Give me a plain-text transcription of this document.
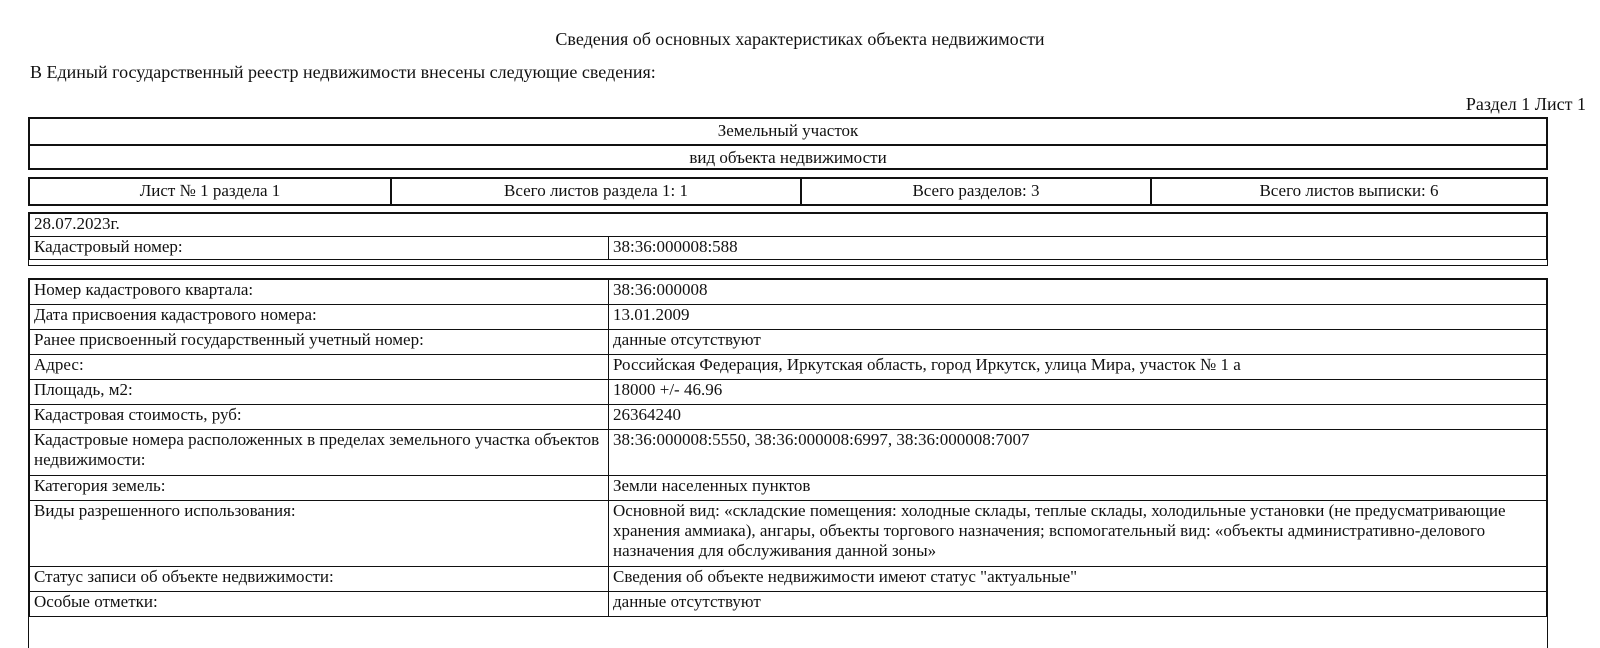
Сведения об основных характеристиках объекта недвижимости
В Единый государственный реестр недвижимости внесены следующие сведения:
Раздел 1 Лист 1
Земельный участок
вид объекта недвижимости
Лист № 1 раздела 1	Всего листов раздела 1: 1	Всего разделов: 3	Всего листов выписки: 6
28.07.2023г.
Кадастровый номер:	38:36:000008:588
Номер кадастрового квартала:	38:36:000008
Дата присвоения кадастрового номера:	13.01.2009
Ранее присвоенный государственный учетный номер:	данные отсутствуют
Адрес:	Российская Федерация, Иркутская область, город Иркутск, улица Мира, участок № 1 а
Площадь, м2:	18000 +/- 46.96
Кадастровая стоимость, руб:	26364240
Кадастровые номера расположенных в пределах земельного участка объектов недвижимости:	38:36:000008:5550, 38:36:000008:6997, 38:36:000008:7007
Категория земель:	Земли населенных пунктов
Виды разрешенного использования:	Основной вид: «складские помещения: холодные склады, теплые склады, холодильные установки (не предусматривающие хранения аммиака), ангары, объекты торгового назначения; вспомогательный вид: «объекты административно-делового назначения для обслуживания данной зоны»
Статус записи об объекте недвижимости:	Сведения об объекте недвижимости имеют статус "актуальные"
Особые отметки:	данные отсутствуют
